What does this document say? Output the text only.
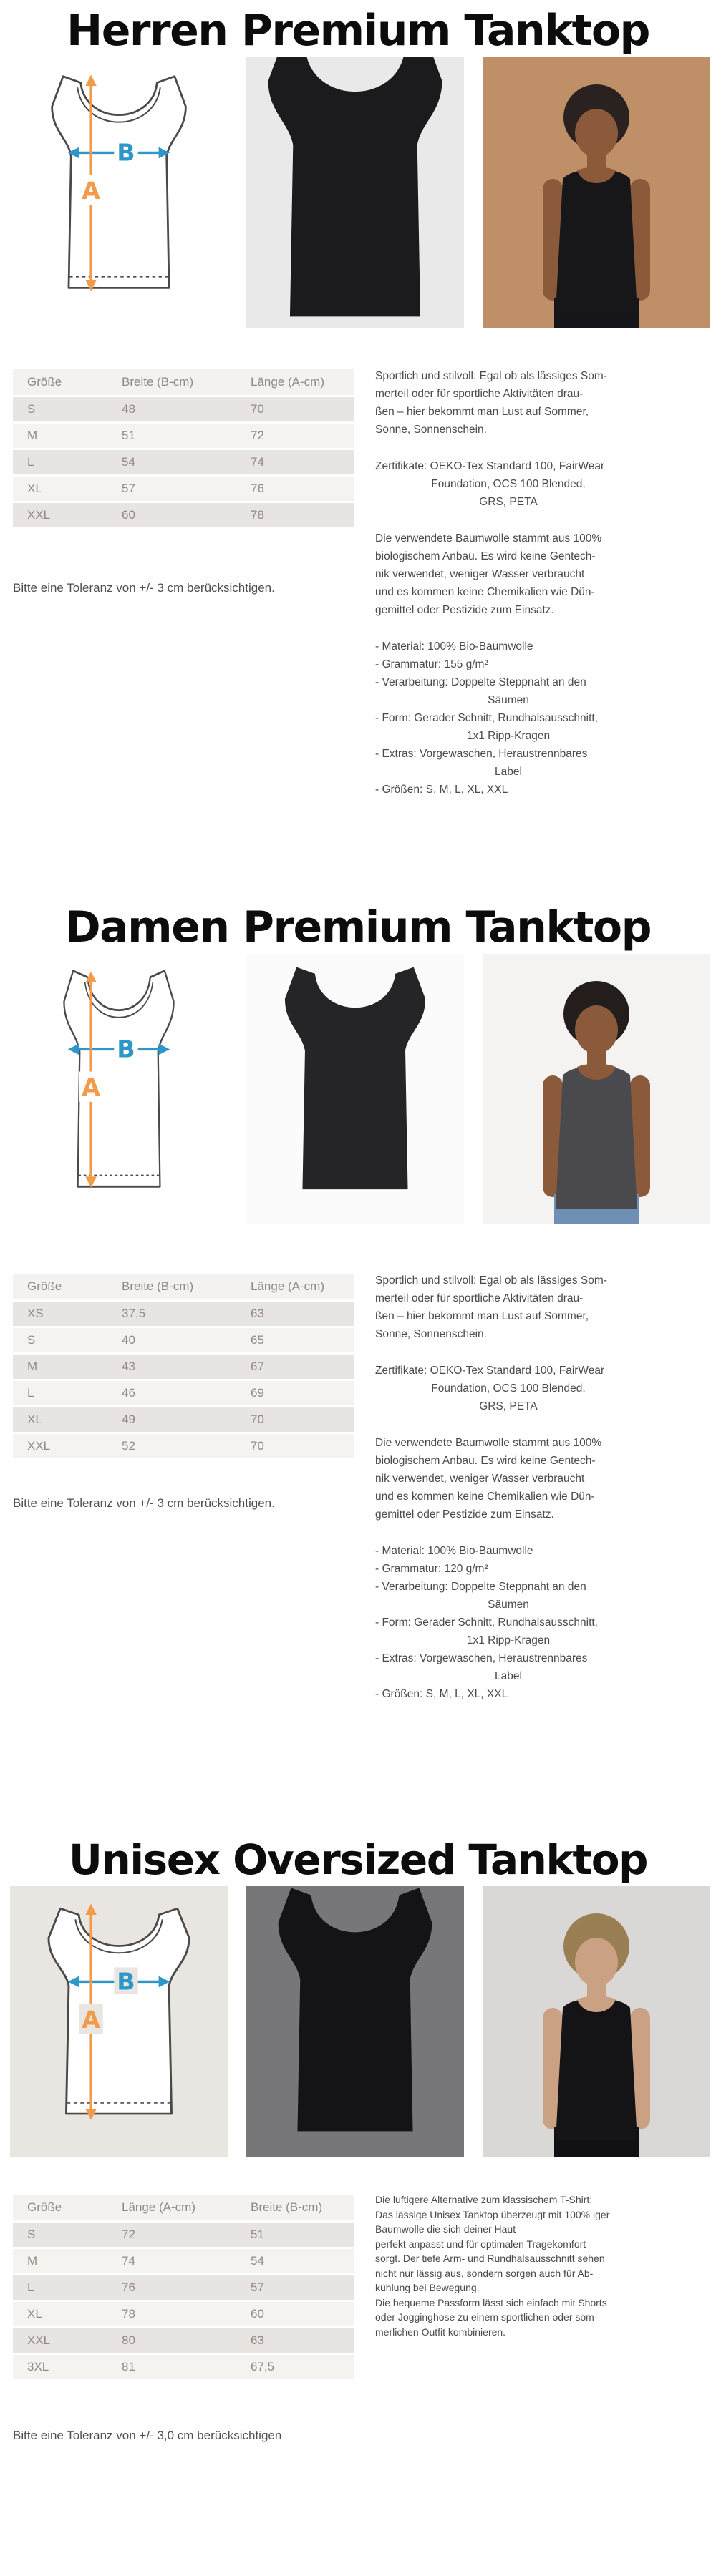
Herren Premium Tanktop
B
A
Größe	Breite (B-cm)	Länge (A-cm)
S	48	70
M	51	72
L	54	74
XL	57	76
XXL	60	78

Bitte eine Toleranz von +/- 3 cm berücksichtigen.

Sportlich und stilvoll: Egal ob als lässiges Som-
merteil oder für sportliche Aktivitäten drau-
ßen – hier bekommt man Lust auf Sommer,
Sonne, Sonnenschein.
Zertifikate: OEKO-Tex Standard 100, FairWear
Foundation, OCS 100 Blended,
GRS, PETA
Die verwendete Baumwolle stammt aus 100%
biologischem Anbau. Es wird keine Gentech-
nik verwendet, weniger Wasser verbraucht
und es kommen keine Chemikalien wie Dün-
gemittel oder Pestizide zum Einsatz.
- Material: 100% Bio-Baumwolle
- Grammatur: 155 g/m²
- Verarbeitung: Doppelte Steppnaht an den
Säumen
- Form: Gerader Schnitt, Rundhalsausschnitt,
1x1 Ripp-Kragen
- Extras: Vorgewaschen, Heraustrennbares
Label
- Größen: S, M, L, XL, XXL
Damen Premium Tanktop
B
A
Größe	Breite (B-cm)	Länge (A-cm)
XS	37,5	63
S	40	65
M	43	67
L	46	69
XL	49	70
XXL	52	70

Bitte eine Toleranz von +/- 3 cm berücksichtigen.

Sportlich und stilvoll: Egal ob als lässiges Som-
merteil oder für sportliche Aktivitäten drau-
ßen – hier bekommt man Lust auf Sommer,
Sonne, Sonnenschein.
Zertifikate: OEKO-Tex Standard 100, FairWear
Foundation, OCS 100 Blended,
GRS, PETA
Die verwendete Baumwolle stammt aus 100%
biologischem Anbau. Es wird keine Gentech-
nik verwendet, weniger Wasser verbraucht
und es kommen keine Chemikalien wie Dün-
gemittel oder Pestizide zum Einsatz.
- Material: 100% Bio-Baumwolle
- Grammatur: 120 g/m²
- Verarbeitung: Doppelte Steppnaht an den
Säumen
- Form: Gerader Schnitt, Rundhalsausschnitt,
1x1 Ripp-Kragen
- Extras: Vorgewaschen, Heraustrennbares
Label
- Größen: S, M, L, XL, XXL
Unisex Oversized Tanktop
B
A
Größe	Länge (A-cm)	Breite (B-cm)
S	72	51
M	74	54
L	76	57
XL	78	60
XXL	80	63
3XL	81	67,5

Bitte eine Toleranz von +/- 3,0 cm berücksichtigen

Die luftigere Alternative zum klassischem T-Shirt:
Das lässige Unisex Tanktop überzeugt mit 100% iger
Baumwolle die sich deiner Haut
perfekt anpasst und für optimalen Tragekomfort
sorgt. Der tiefe Arm- und Rundhalsausschnitt sehen
nicht nur lässig aus, sondern sorgen auch für Ab-
kühlung bei Bewegung.
Die bequeme Passform lässt sich einfach mit Shorts
oder Jogginghose zu einem sportlichen oder som-
merlichen Outfit kombinieren.
